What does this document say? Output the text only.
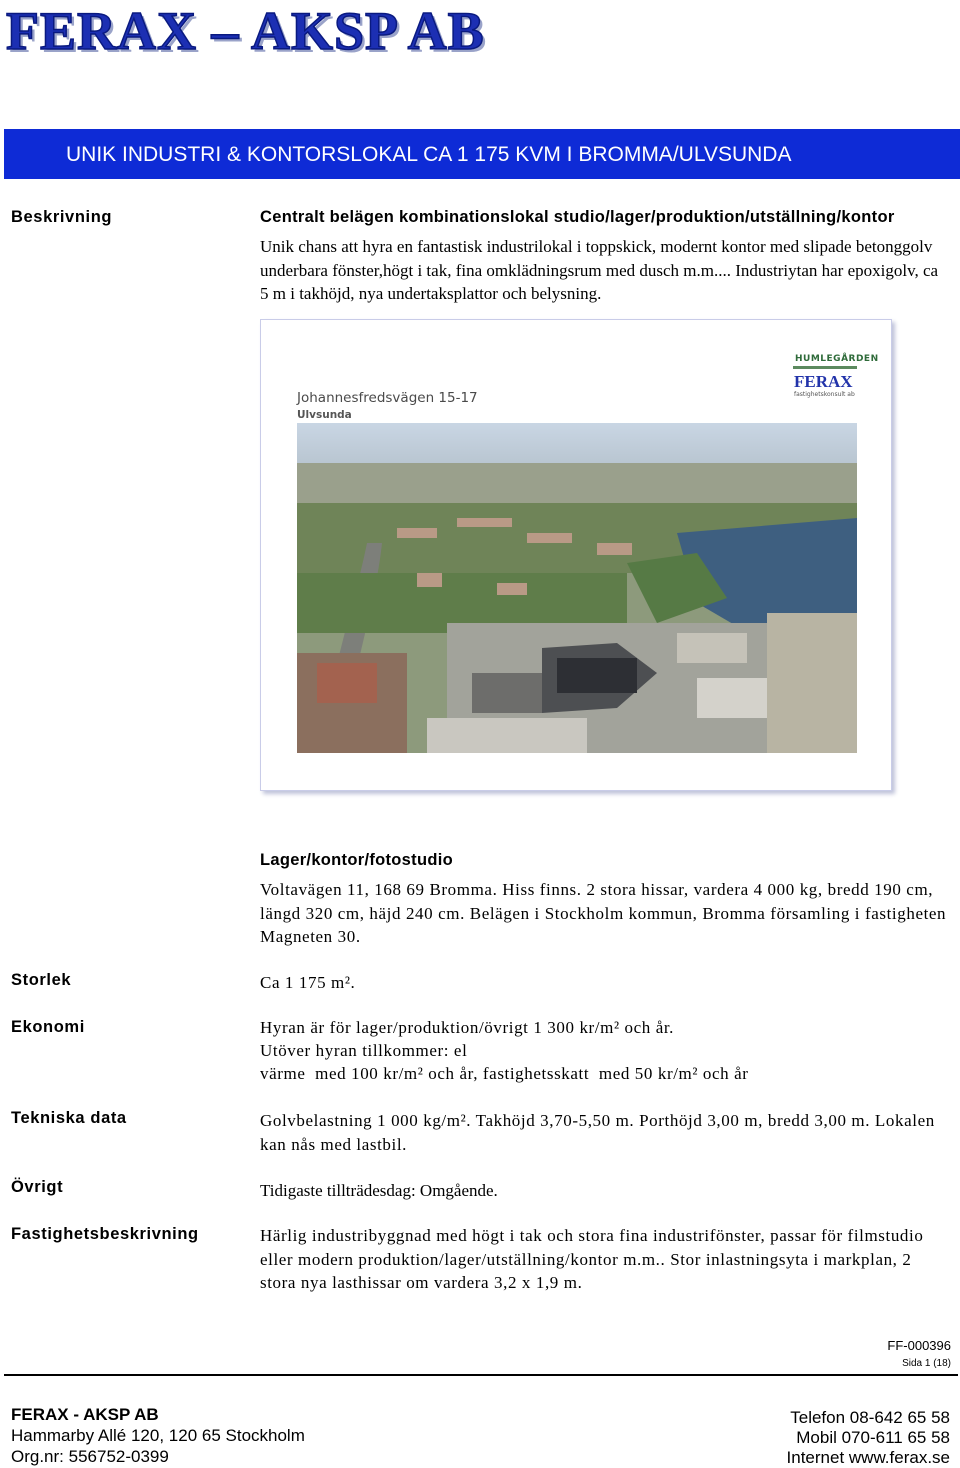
FERAX – AKSP AB
UNIK INDUSTRI & KONTORSLOKAL CA 1 175 KVM I BROMMA/ULVSUNDA
Beskrivning	Centralt belägen kombinationslokal studio/lager/produktion/utställning/kontor
Unik chans att hyra en fantastisk industrilokal i toppskick, modernt kontor med slipade betonggolv underbara fönster,högt i tak, fina omklädningsrum med dusch m.m.... Industriytan har epoxigolv, ca 5 m i takhöjd, nya undertaksplattor och belysning.
Johannesfredsvägen 15-17
Ulvsunda
HUMLEGÅRDEN
FERAX
fastighetskonsult ab
Lager/kontor/fotostudio
Voltavägen 11, 168 69 Bromma. Hiss finns. 2 stora hissar, vardera 4 000 kg, bredd 190 cm, längd 320 cm, häjd 240 cm. Belägen i Stockholm kommun, Bromma församling i fastigheten Magneten 30.
Storlek	Ca 1 175 m².
Ekonomi	Hyran är för lager/produktion/övrigt 1 300 kr/m² och år.
Utöver hyran tillkommer: el
värme  med 100 kr/m² och år, fastighetsskatt  med 50 kr/m² och år
Tekniska data	Golvbelastning 1 000 kg/m². Takhöjd 3,70-5,50 m. Porthöjd 3,00 m, bredd 3,00 m. Lokalen kan nås med lastbil.
Övrigt	Tidigaste tillträdesdag: Omgående.
Fastighetsbeskrivning	Härlig industribyggnad med högt i tak och stora fina industrifönster, passar för filmstudio eller modern produktion/lager/utställning/kontor m.m.. Stor inlastningsyta i markplan, 2 stora nya lasthissar om vardera 3,2 x 1,9 m.
FF-000396
Sida 1 (18)
FERAX - AKSP AB
Hammarby Allé 120, 120 65 Stockholm
Org.nr: 556752-0399
Telefon 08-642 65 58
Mobil 070-611 65 58
Internet www.ferax.se
